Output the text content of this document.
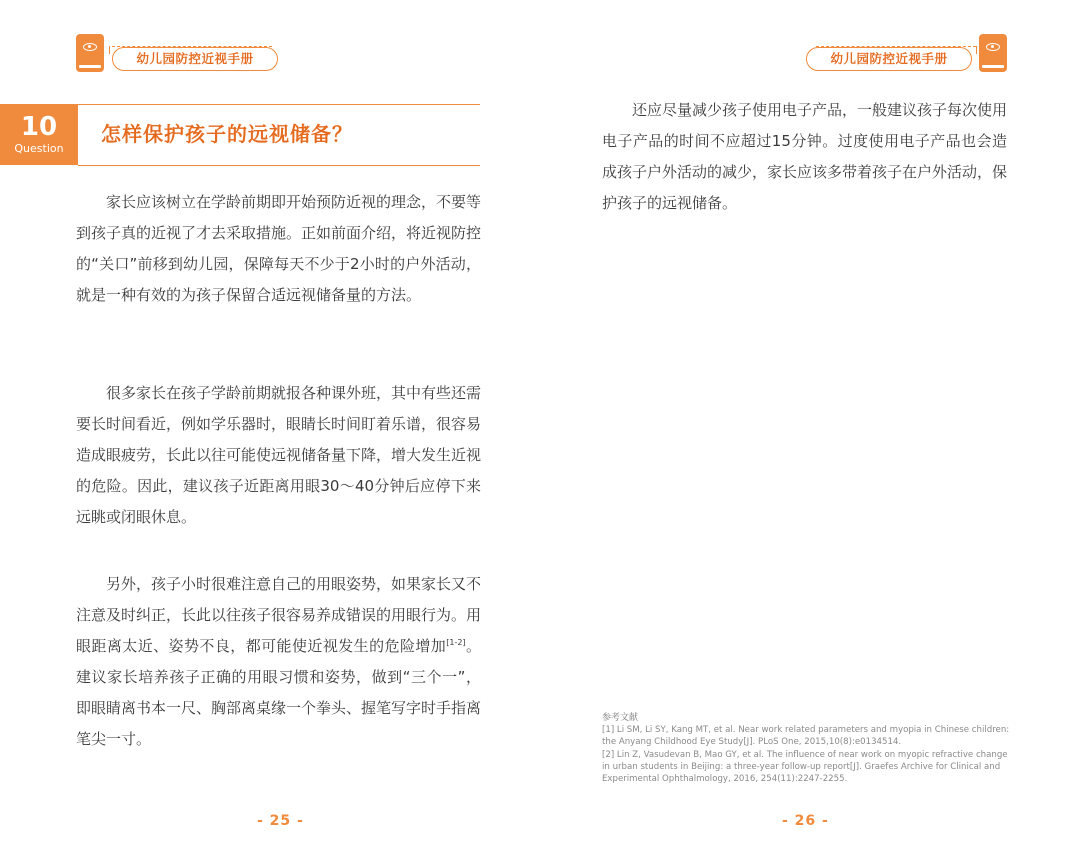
幼儿园防控近视手册
10
Question
怎样保护孩子的远视储备？

家长应该树立在学龄前期即开始预防近视的理念，不要等到孩子真的近视了才去采取措施。正如前面介绍，将近视防控的“关口”前移到幼儿园，保障每天不少于2小时的户外活动，就是一种有效的为孩子保留合适远视储备量的方法。

很多家长在孩子学龄前期就报各种课外班，其中有些还需要长时间看近，例如学乐器时，眼睛长时间盯着乐谱，很容易造成眼疲劳，长此以往可能使远视储备量下降，增大发生近视的危险。因此，建议孩子近距离用眼30～40分钟后应停下来远眺或闭眼休息。

另外，孩子小时很难注意自己的用眼姿势，如果家长又不注意及时纠正，长此以往孩子很容易养成错误的用眼行为。用眼距离太近、姿势不良，都可能使近视发生的危险增加[1-2]。建议家长培养孩子正确的用眼习惯和姿势，做到“三个一”，即眼睛离书本一尺、胸部离桌缘一个拳头、握笔写字时手指离笔尖一寸。

- 25 -
幼儿园防控近视手册

还应尽量减少孩子使用电子产品，一般建议孩子每次使用电子产品的时间不应超过15分钟。过度使用电子产品也会造成孩子户外活动的减少，家长应该多带着孩子在户外活动，保护孩子的远视储备。

参考文献
[1] Li SM, Li SY, Kang MT, et al. Near work related parameters and myopia in Chinese children: the Anyang Childhood Eye Study[J]. PLoS One, 2015,10(8):e0134514.
[2] Lin Z, Vasudevan B, Mao GY, et al. The influence of near work on myopic refractive change in urban students in Beijing: a three-year follow-up report[J]. Graefes Archive for Clinical and Experimental Ophthalmology, 2016, 254(11):2247-2255.
- 26 -
